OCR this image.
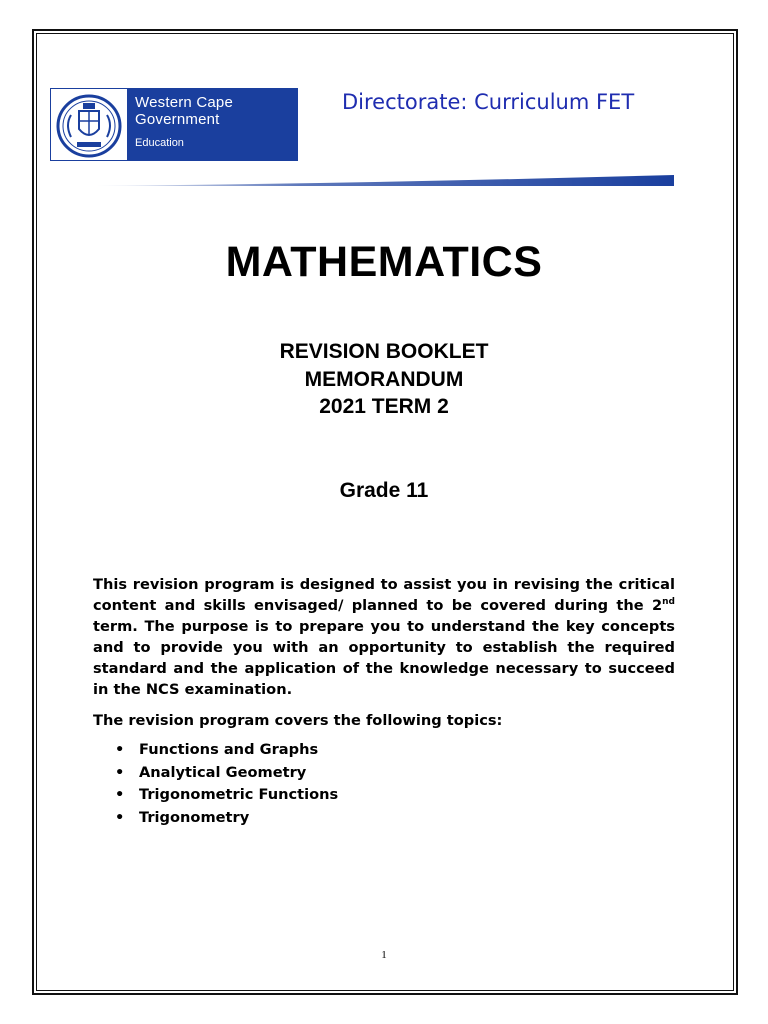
Western Cape
Government
Education
Directorate: Curriculum FET
MATHEMATICS
REVISION BOOKLET
MEMORANDUM
2021 TERM 2
Grade 11

This revision program is designed to assist you in revising the critical content and skills envisaged/ planned to be covered during the 2nd term. The purpose is to prepare you to understand the key concepts and to provide you with an opportunity to establish the required standard and the application of the knowledge necessary to succeed in the NCS examination.

The revision program covers the following topics:

• Functions and Graphs
• Analytical Geometry
• Trigonometric Functions
• Trigonometry
1
